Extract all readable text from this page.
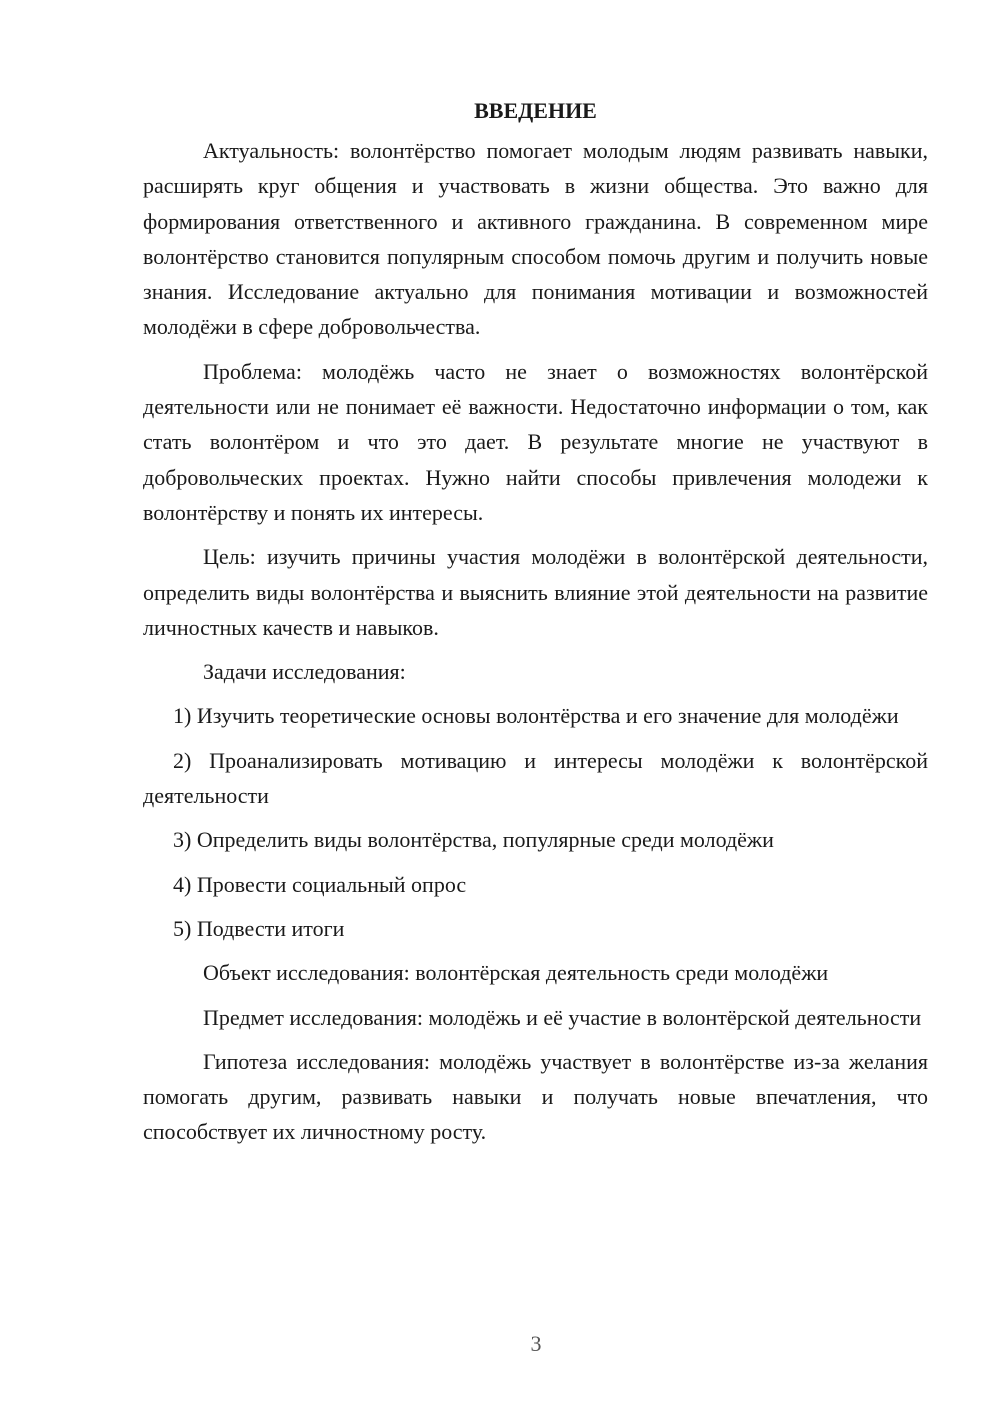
ВВЕДЕНИЕ

Актуальность: волонтёрство помогает молодым людям развивать навыки, расширять круг общения и участвовать в жизни общества. Это важно для формирования ответственного и активного гражданина. В современном мире волонтёрство становится популярным способом помочь другим и получить новые знания. Исследование актуально для понимания мотивации и возможностей молодёжи в сфере добровольчества.

Проблема: молодёжь часто не знает о возможностях волонтёрской деятельности или не понимает её важности. Недостаточно информации о том, как стать волонтёром и что это дает. В результате многие не участвуют в добровольческих проектах. Нужно найти способы привлечения молодежи к волонтёрству и понять их интересы.

Цель: изучить причины участия молодёжи в волонтёрской деятельности, определить виды волонтёрства и выяснить влияние этой деятельности на развитие личностных качеств и навыков.

Задачи исследования:

1) Изучить теоретические основы волонтёрства и его значение для молодёжи

2) Проанализировать мотивацию и интересы молодёжи к волонтёрской деятельности

3) Определить виды волонтёрства, популярные среди молодёжи

4) Провести социальный опрос

5) Подвести итоги

Объект исследования: волонтёрская деятельность среди молодёжи

Предмет исследования: молодёжь и её участие в волонтёрской деятельности

Гипотеза исследования: молодёжь участвует в волонтёрстве из-за желания помогать другим, развивать навыки и получать новые впечатления, что способствует их личностному росту.

3
